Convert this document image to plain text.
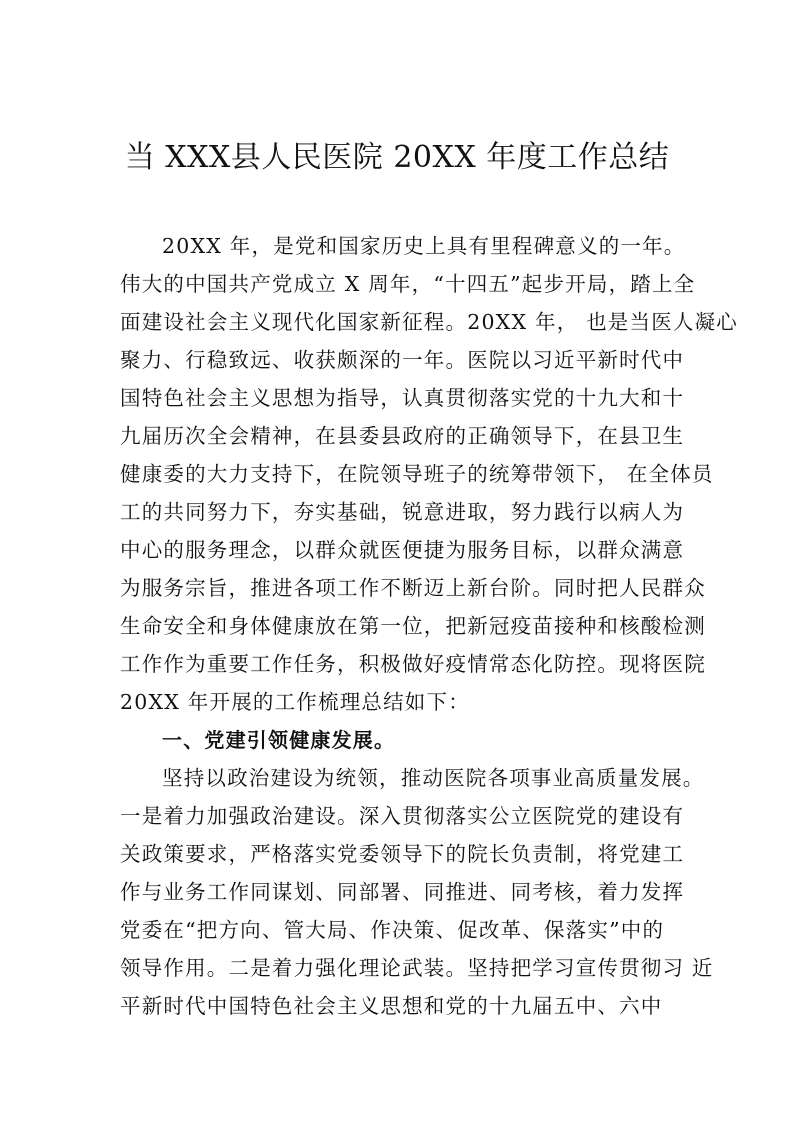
当 XXX县人民医院 20XX 年度工作总结
20XX 年，是党和国家历史上具有里程碑意义的一年。
伟大的中国共产党成立 X 周年，“十四五”起步开局，踏上全
面建设社会主义现代化国家新征程。20XX 年， 也是当医人凝心
聚力、行稳致远、收获颇深的一年。医院以习近平新时代中
国特色社会主义思想为指导，认真贯彻落实党的十九大和十
九届历次全会精神，在县委县政府的正确领导下，在县卫生
健康委的大力支持下，在院领导班子的统筹带领下， 在全体员
工的共同努力下，夯实基础，锐意进取，努力践行以病人为
中心的服务理念，以群众就医便捷为服务目标，以群众满意
为服务宗旨，推进各项工作不断迈上新台阶。同时把人民群众
生命安全和身体健康放在第一位，把新冠疫苗接种和核酸检测
工作作为重要工作任务，积极做好疫情常态化防控。现将医院
20XX 年开展的工作梳理总结如下：
一、党建引领健康发展。
坚持以政治建设为统领，推动医院各项事业高质量发展。
一是着力加强政治建设。深入贯彻落实公立医院党的建设有
关政策要求，严格落实党委领导下的院长负责制，将党建工
作与业务工作同谋划、同部署、同推进、同考核，着力发挥
党委在“把方向、管大局、作决策、促改革、保落实”中的
领导作用。二是着力强化理论武装。坚持把学习宣传贯彻习 近
平新时代中国特色社会主义思想和党的十九届五中、六中
